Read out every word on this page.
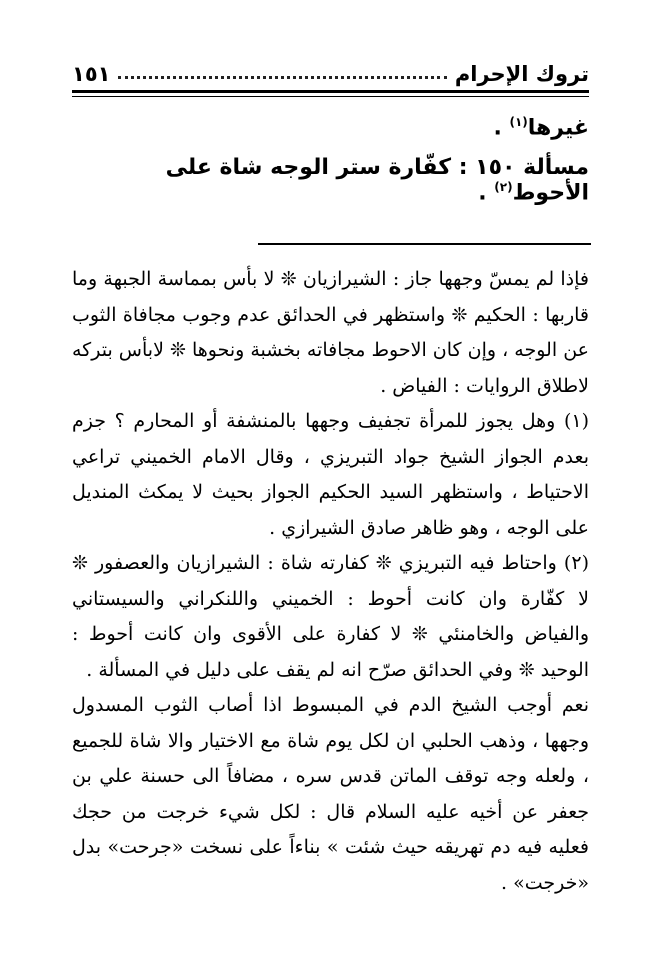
تروك الإحرام
١٥١
غيرها$^{(١)}$ .
مسألة ١٥٠ : كفّارة ستر الوجه شاة على الأحوط$^{(٢)}$ .

فإذا لم يمسّ وجهها جاز : الشيرازيان ❊ لا بأس بمماسة الجبهة وما قاربها : الحكيم ❊ واستظهر في الحدائق عدم وجوب مجافاة الثوب عن الوجه ، وإن كان الاحوط مجافاته بخشبة ونحوها ❊ لابأس بتركه لاطلاق الروايات : الفياض .

(١) وهل يجوز للمرأة تجفيف وجهها بالمنشفة أو المحارم ؟ جزم بعدم الجواز الشيخ جواد التبريزي ، وقال الامام الخميني تراعي الاحتياط ، واستظهر السيد الحكيم الجواز بحيث لا يمكث المنديل على الوجه ، وهو ظاهر صادق الشيرازي .

(٢) واحتاط فيه التبريزي ❊ كفارته شاة : الشيرازيان والعصفور ❊ لا كفّارة وان كانت أحوط : الخميني واللنكراني والسيستاني والفياض والخامنئي ❊ لا كفارة على الأقوى وان كانت أحوط : الوحيد ❊ وفي الحدائق صرّح انه لم يقف على دليل في المسألة .

نعم أوجب الشيخ الدم في المبسوط اذا أصاب الثوب المسدول وجهها ، وذهب الحلبي ان لكل يوم شاة مع الاختيار والا شاة للجميع ، ولعله وجه توقف الماتن قدس سره ، مضافاً الى حسنة علي بن جعفر عن أخيه عليه السلام قال : لكل شيء خرجت من حجك فعليه فيه دم تهريقه حيث شئت » بناءاً على نسخت «جرحت» بدل «خرجت» .
